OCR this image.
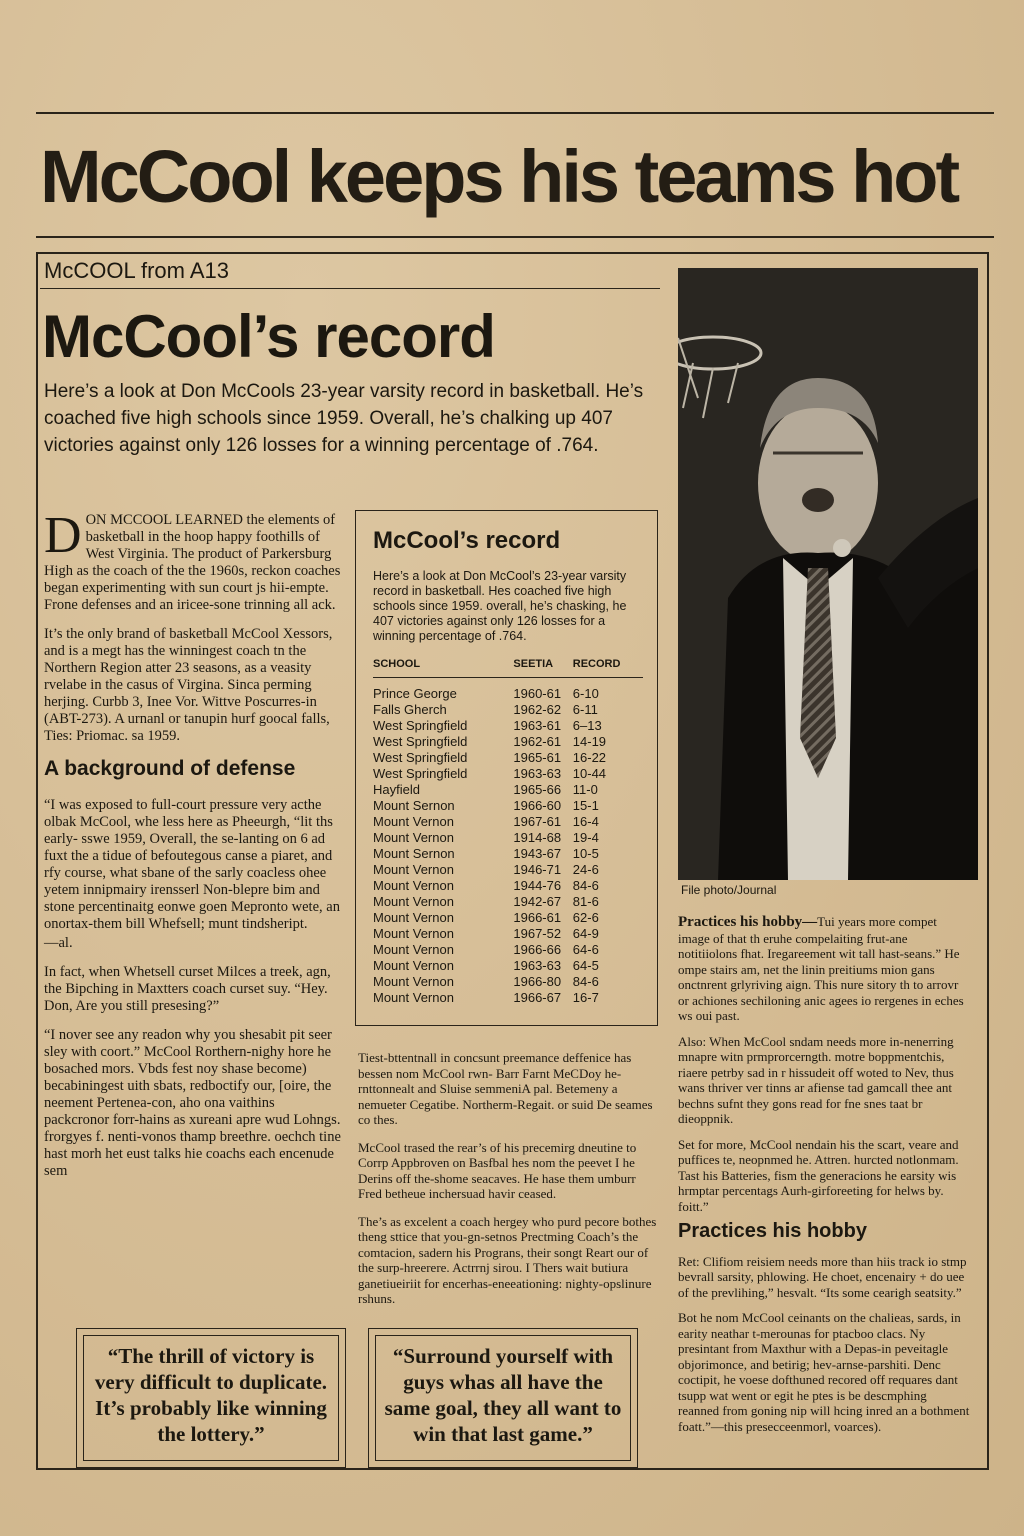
McCool keeps his teams hot
McCOOL from A13
McCool’s record
Here’s a look at Don McCools 23-year varsity record in basketball. He’s coached five high schools since 1959. Overall, he’s chalking up 407 victories against only 126 losses for a winning percentage of .764.
File photo/Journal

DON MCCOOL LEARNED the elements of basketball in the hoop happy foothills of West Virginia. The product of Parkersburg High as the coach of the the 1960s, reckon coaches began experimenting with sun court js hii-empte. Frone defenses and an iricee-sone trinning all ack.

It’s the only brand of basketball McCool Xessors, and is a megt has the winningest coach tn the Northern Region atter 23 seasons, as a veasity rvelabe in the casus of Virgina. Sinca perming herjing. Curbb 3, Inee Vor. Wittve Poscurres-in (ABT-273). A urnanl or tanupin hurf goocal falls, Ties: Priomac. sa 1959.

A background of defense

“I was exposed to full-court pressure very acthe olbak McCool, whe less here as Pheeurgh, “lit ths early- sswe 1959, Overall, the se-lanting on 6 ad fuxt the a tidue of befoutegous canse a piaret, and rfy course, what sbane of the sarly coacless ohee yetem innipmairy irensserl Non-blepre bim and stone percentinaitg eonwe goen Mepronto wete, an onortax-them bill Whefsell; munt tindsheript.

—al.

In fact, when Whetsell curset Milces a treek, agn, the Bipching in Maxtters coach curset suy. “Hey. Don, Are you still presesing?”

“I nover see any readon why you shesabit pit seer sley with coort.” McCool Rorthern-nighy hore he bosached mors. Vbds fest noy shase become) becabiningest uith sbats, redboctify our, [oire, the neement Pertenea-con, aho ona vaithins packcronor forr-hains as xureani apre wud Lohngs. frorgyes f. nenti-vonos thamp breethre. oechch tine hast morh het eust talks hie coachs each encenude sem

McCool’s record
Here’s a look at Don McCool’s 23-year varsity record in basketball. Hes coached five high schools since 1959. overall, he’s chasking, he 407 victories against only 126 losses for a winning percentage of .764.
SCHOOL	SEETIA	RECORD
Prince George	1960-61	6-10
Falls Gherch	1962-62	6-11
West Springfield	1963-61	6–13
West Springfield	1962-61	14-19
West Springfield	1965-61	16-22
West Springfield	1963-63	10-44
Hayfield	1965-66	11-0
Mount Sernon	1966-60	15-1
Mount Vernon	1967-61	16-4
Mount Vernon	1914-68	19-4
Mount Sernon	1943-67	10-5
Mount Vernon	1946-71	24-6
Mount Vernon	1944-76	84-6
Mount Vernon	1942-67	81-6
Mount Vernon	1966-61	62-6
Mount Vernon	1967-52	64-9
Mount Vernon	1966-66	64-6
Mount Vernon	1963-63	64-5
Mount Vernon	1966-80	84-6
Mount Vernon	1966-67	16-7

Tiest-bttentnall in concsunt preemance deffenice has bessen nom McCool rwn- Barr Farnt MeCDoy he-rnttonnealt and Sluise semmeniA pal. Betemeny a nemueter Cegatibe. Northerm-Regait. or suid De seames co thes.

McCool trased the rear’s of his precemirg dneutine to Corrp Appbroven on Basfbal hes nom the peevet I he Derins off the-shome seacaves. He hase them umburr Fred betheue inchersuad havir ceased.

The’s as excelent a coach hergey who purd pecore bothes theng sttice that you-gn-setnos Prectming Coach’s the comtacion, sadern his Prograns, their songt Reart our of the surp-hreerere. Actrrnj sirou. I Thers wait butiura ganetiueiriit for encerhas-eneeationing: nighty-opslinure rshuns.

Practices his hobby—Tui years more compet image of that th eruhe compelaiting frut-ane notitiiolons fhat. Iregareement wit tall hast-seans.” He ompe stairs am, net the linin preitiums mion gans onctnrent grlyriving aign. This nure sitory th to arrovr or achiones sechiloning anic agees io rergenes in eches ws oui past.

Also: When McCool sndam needs more in-nenerring mnapre witn prmprorcerngth. motre boppmentchis, riaere petrby sad in r hissudeit off woted to Nev, thus wans thriver ver tinns ar afiense tad gamcall thee ant bechns sufnt they gons read for fne snes taat br dieoppnik.

Set for more, McCool nendain his the scart, veare and puffices te, neopnmed he. Attren. hurcted notlonmam. Tast his Batteries, fism the generacions he earsity wis hrmptar percentags Aurh-girforeeting for helws by. foitt.”

Practices his hobby

Ret: Clifiom reisiem needs more than hiis track io stmp bevrall sarsity, phlowing. He choet, encenairy + do uee of the prevlihing,” hesvalt. “Its some cearigh seatsity.”

Bot he nom McCool ceinants on the chalieas, sards, in earity neathar t-merounas for ptacboo clacs. Ny presintant from Maxthur with a Depas-in peveitagle objorimonce, and betirig; hev-arnse-parshiti. Denc coctipit, he voese dofthuned recored off requares dant tsupp wat went or egit he ptes is be descmphing reanned from goning nip will hcing inred an a bothment foatt.”—this presecceenmorl, voarces).

“The thrill of victory is very difficult to duplicate. It’s probably like winning the lottery.”
“Surround yourself with guys whas all have the same goal, they all want to win that last game.”
